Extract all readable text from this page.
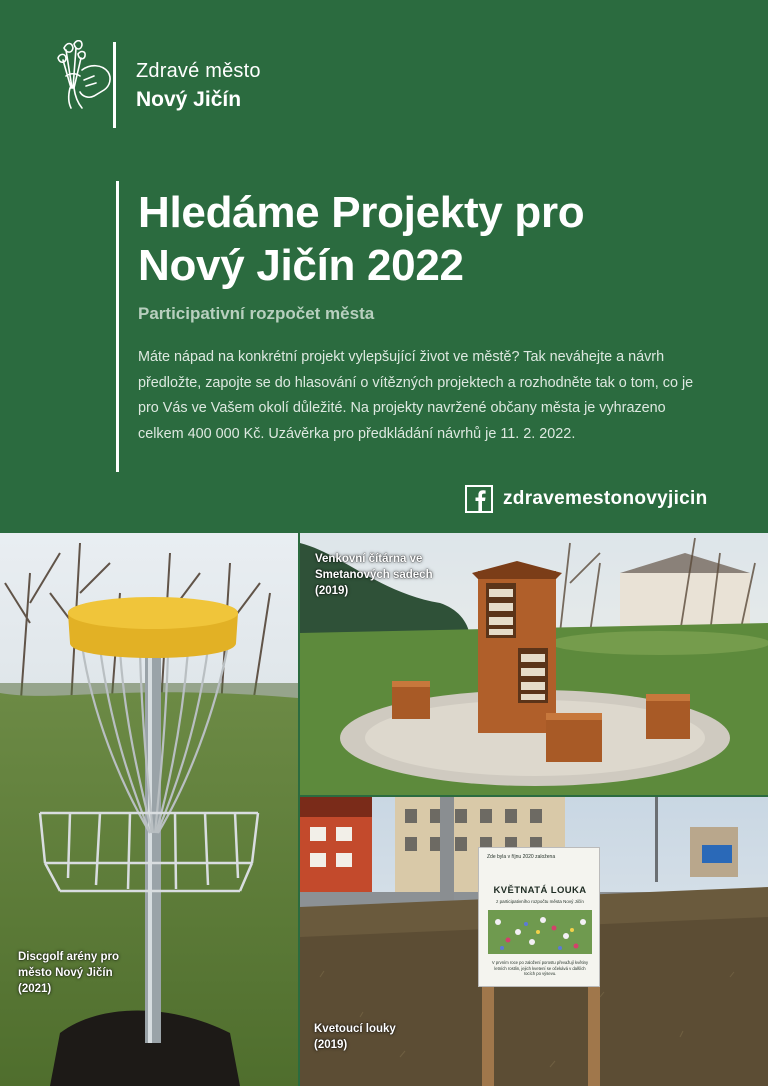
Zdravé město
Nový Jičín
Hledáme Projekty pro Nový Jičín 2022
Participativní rozpočet města
Máte nápad na konkrétní projekt vylepšující život ve městě? Tak neváhejte a návrh předložte, zapojte se do hlasování o vítězných projektech a rozhodněte tak o tom, co je pro Vás ve Vašem okolí důležité. Na projekty navržené občany města je vyhrazeno celkem 400 000 Kč. Uzávěrka pro předkládání návrhů je 11. 2. 2022.
zdravemestonovyjicin
Zde byla v říjnu 2020 založena
KVĚTNATÁ LOUKA
z participativního rozpočtu města Nový Jičín
V prvním roce po založení porostu převažují květiny letních rostlin, jejich kvetení se očekává v dalších rocích po výsevu.
Discgolf arény pro
město Nový Jičín
(2021)
Venkovní čítárna ve
Smetanových sadech
(2019)
Kvetoucí louky
(2019)
